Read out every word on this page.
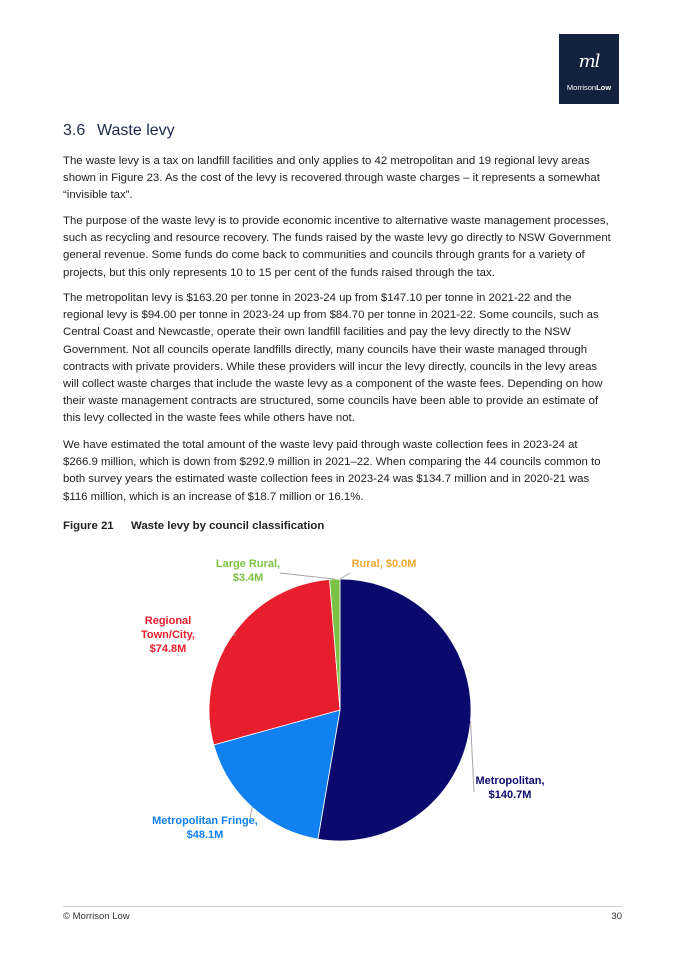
ml
MorrisonLow
3.6 Waste levy

The waste levy is a tax on landfill facilities and only applies to 42 metropolitan and 19 regional levy areas shown in Figure 23. As the cost of the levy is recovered through waste charges – it represents a somewhat “invisible tax”.

The purpose of the waste levy is to provide economic incentive to alternative waste management processes, such as recycling and resource recovery. The funds raised by the waste levy go directly to NSW Government general revenue. Some funds do come back to communities and councils through grants for a variety of projects, but this only represents 10 to 15 per cent of the funds raised through the tax.

The metropolitan levy is $163.20 per tonne in 2023-24 up from $147.10 per tonne in 2021-22 and the regional levy is $94.00 per tonne in 2023-24 up from $84.70 per tonne in 2021-22. Some councils, such as Central Coast and Newcastle, operate their own landfill facilities and pay the levy directly to the NSW Government. Not all councils operate landfills directly, many councils have their waste managed through contracts with private providers. While these providers will incur the levy directly, councils in the levy areas will collect waste charges that include the waste levy as a component of the waste fees. Depending on how their waste management contracts are structured, some councils have been able to provide an estimate of this levy collected in the waste fees while others have not.

We have estimated the total amount of the waste levy paid through waste collection fees in 2023-24 at $266.9 million, which is down from $292.9 million in 2021–22. When comparing the 44 councils common to both survey years the estimated waste collection fees in 2023-24 was $134.7 million and in 2020-21 was $116 million, which is an increase of $18.7 million or 16.1%.

Figure 21 Waste levy by council classification
Metropolitan, $140.7M
Metropolitan Fringe, $48.1M
Regional Town/City, $74.8M
Large Rural, $3.4M
Rural, $0.0M
© Morrison Low	30
